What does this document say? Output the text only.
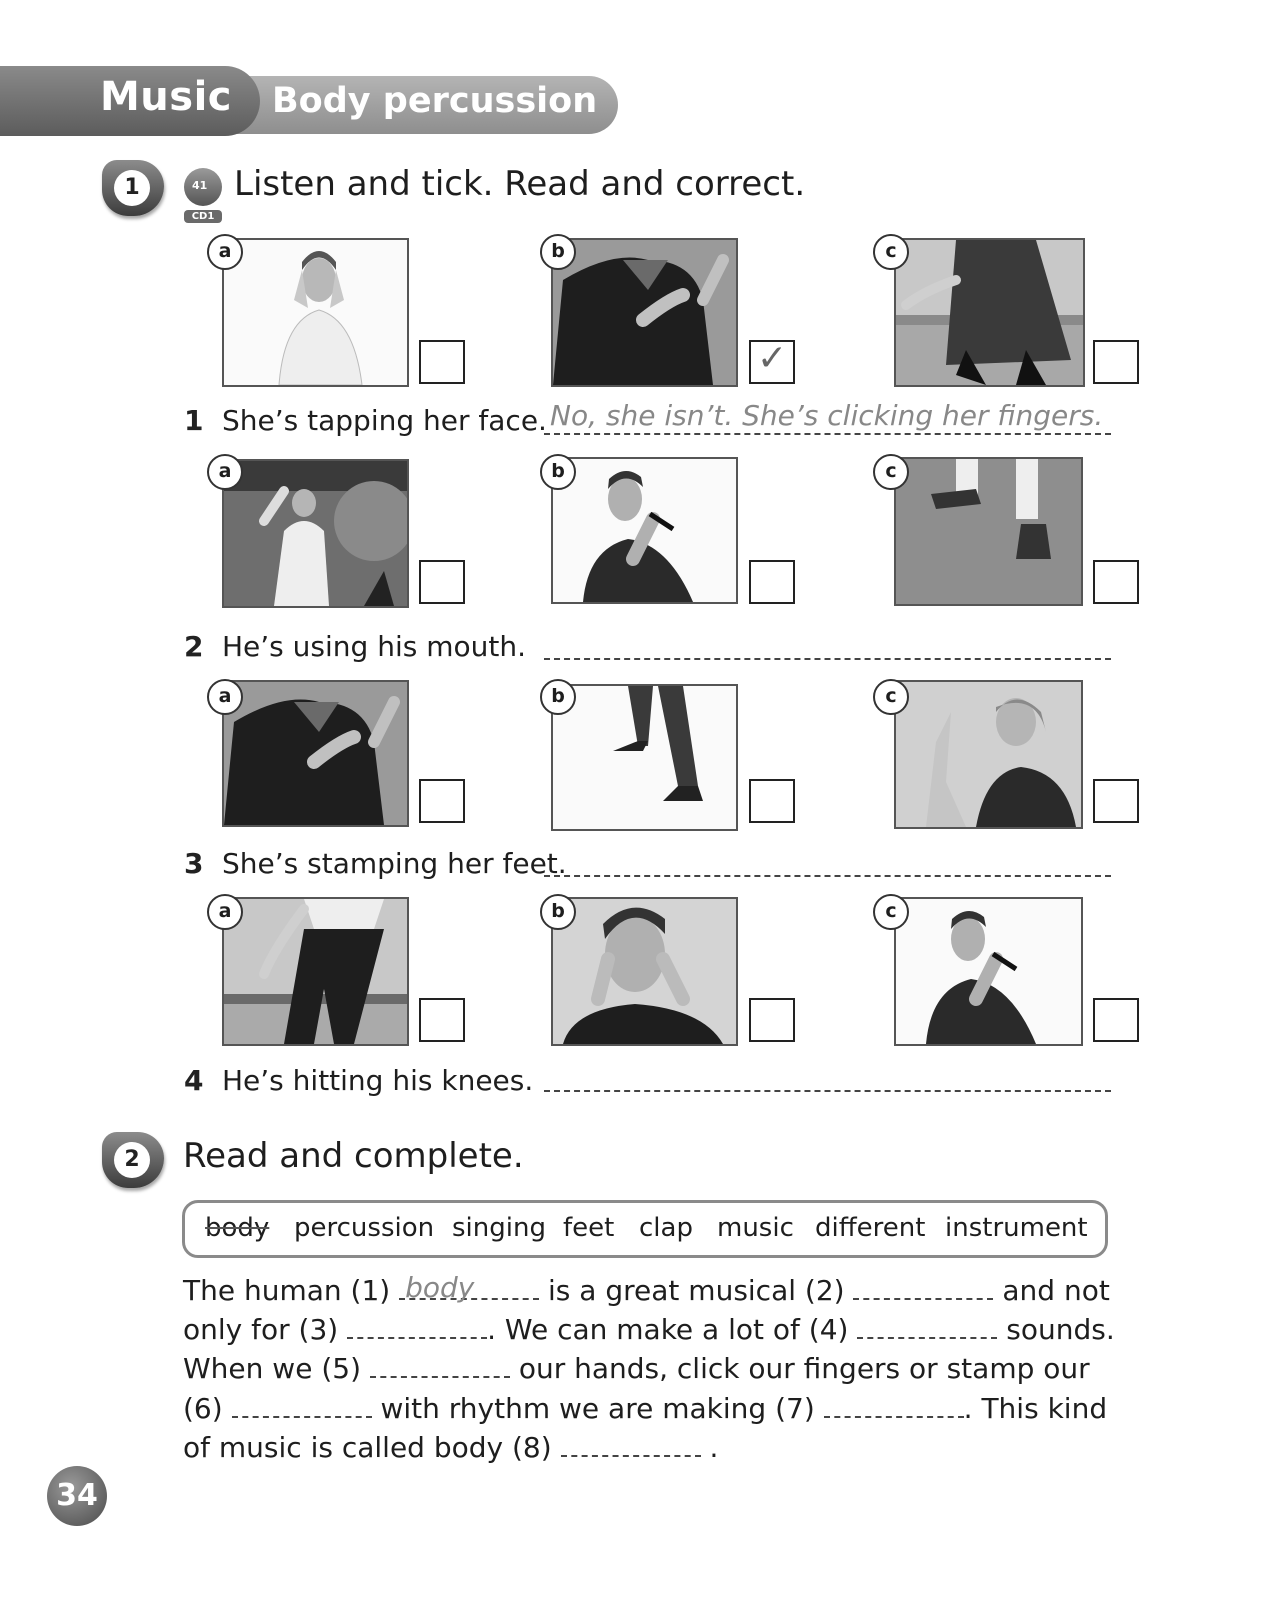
Music Body percussion
1	41
CD1
Listen and tick. Read and correct.
a	b
✓
c
1 She’s tapping her face. No, she isn’t. She’s clicking her fingers.
a	b	c
2 He’s using his mouth.
a	b	c
3 She’s stamping her feet.
a	b	c
4 He’s hitting his knees.
2	Read and complete.
body percussion singing feet clap music different instrument
The human (1) body	is a great musical (2)	and not
only for (3)	. We can make a lot of (4)	sounds.
When we (5)	our hands, click our fingers or stamp our
(6)	with rhythm we are making (7)	. This kind
of music is called body (8)	.
34
